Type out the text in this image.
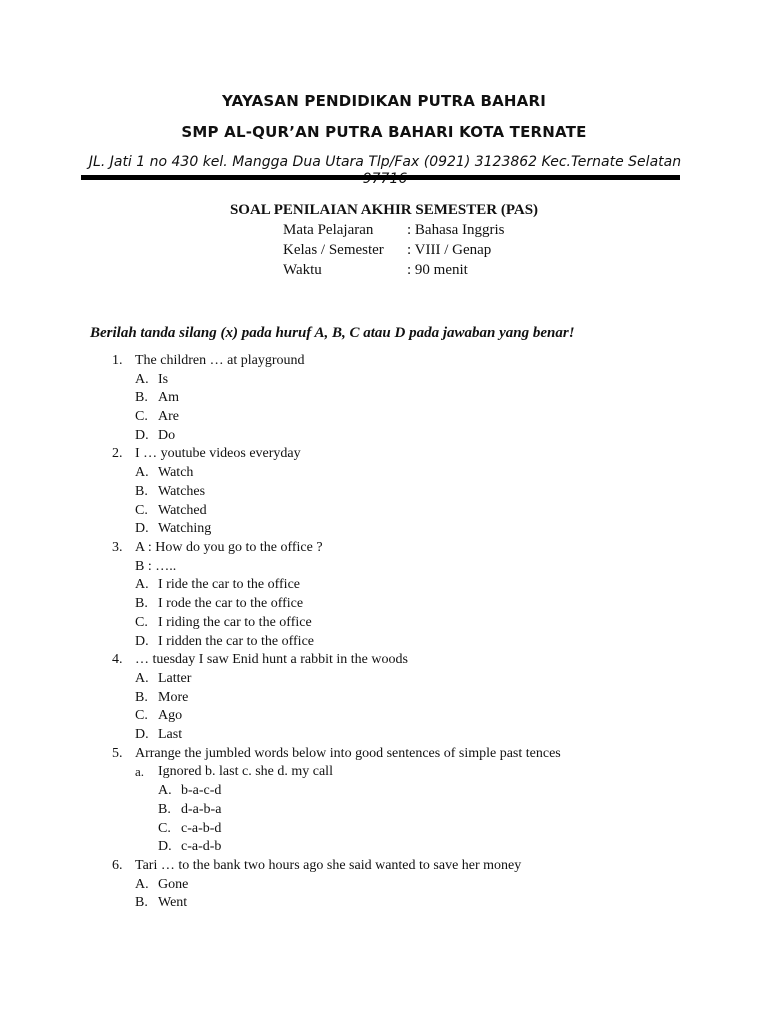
YAYASAN PENDIDIKAN PUTRA BAHARI
SMP AL-QUR’AN PUTRA BAHARI KOTA TERNATE
JL. Jati 1 no 430 kel. Mangga Dua Utara Tlp/Fax (0921) 3123862 Kec.Ternate Selatan
SOAL PENILAIAN AKHIR SEMESTER (PAS)
Mata Pelajaran	: Bahasa Inggris
Kelas / Semester	: VIII / Genap
Waktu	: 90 menit
Berilah tanda silang (x) pada huruf A, B, C atau D pada jawaban yang benar!
1. The children … at playground
A. Is
B. Am
C. Are
D. Do
2. I … youtube videos everyday
A. Watch
B. Watches
C. Watched
D. Watching
3. A : How do you go to the office ?
B : …..
A. I ride the car to the office
B. I rode the car to the office
C. I riding the car to the office
D. I ridden the car to the office
4. … tuesday I saw Enid hunt a rabbit in the woods
A. Latter
B. More
C. Ago
D. Last
5. Arrange the jumbled words below into good sentences of simple past tences
a. Ignored b. last c. she d. my call
A. b-a-c-d
B. d-a-b-a
C. c-a-b-d
D. c-a-d-b
6. Tari … to the bank two hours ago she said wanted to save her money
A. Gone
B. Went
